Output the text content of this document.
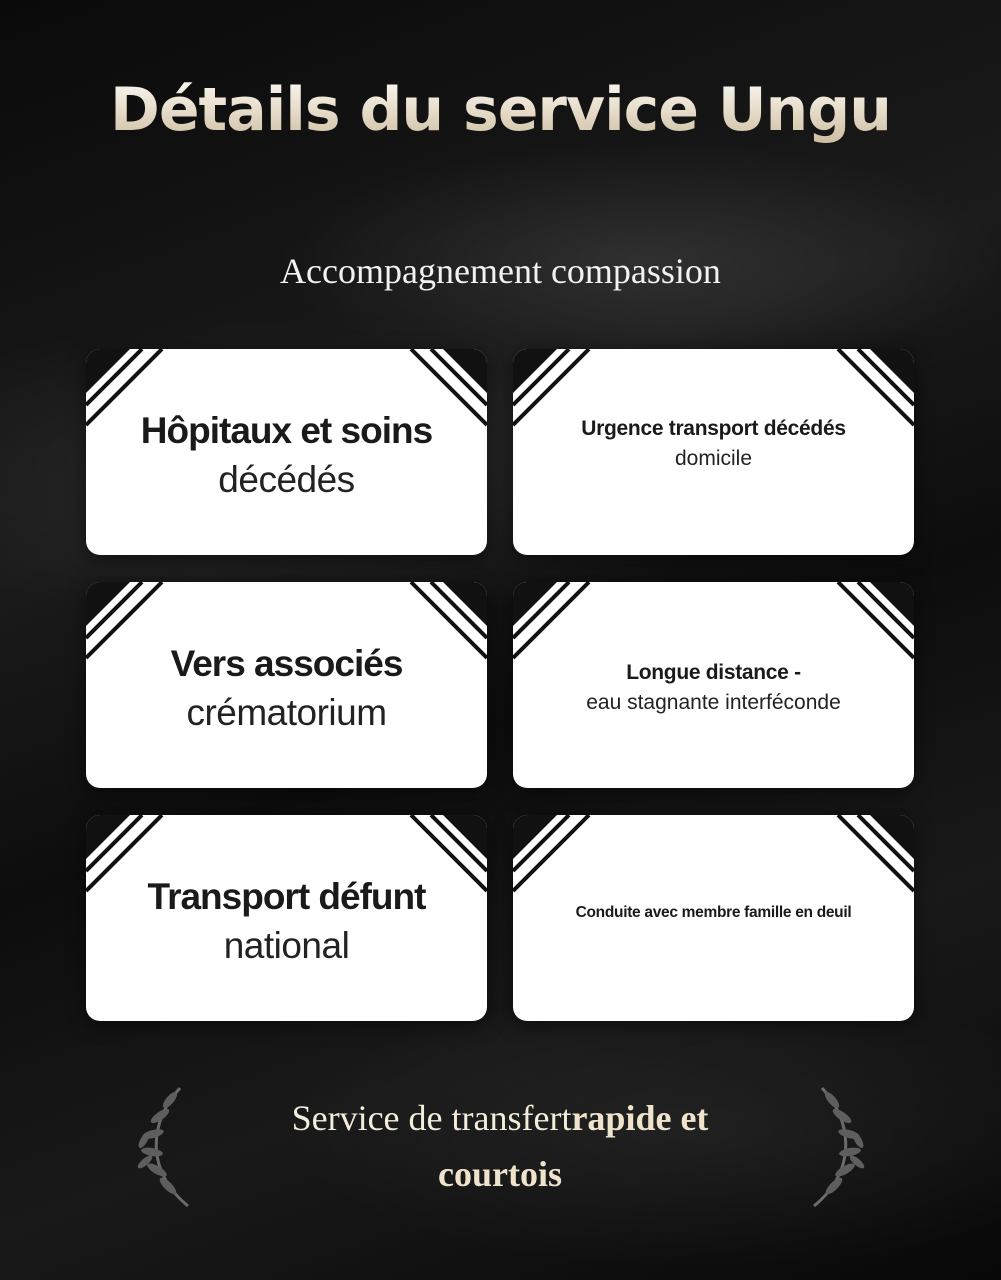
Détails du service Ungu
Accompagnement compassion
Hôpitaux et soins
décédés
Urgence transport décédés
domicile
Vers associés
crématorium
Longue distance -
eau stagnante interféconde
Transport défunt
national
Conduite avec membre famille en deuil
Service de transfertrapide et
courtois
